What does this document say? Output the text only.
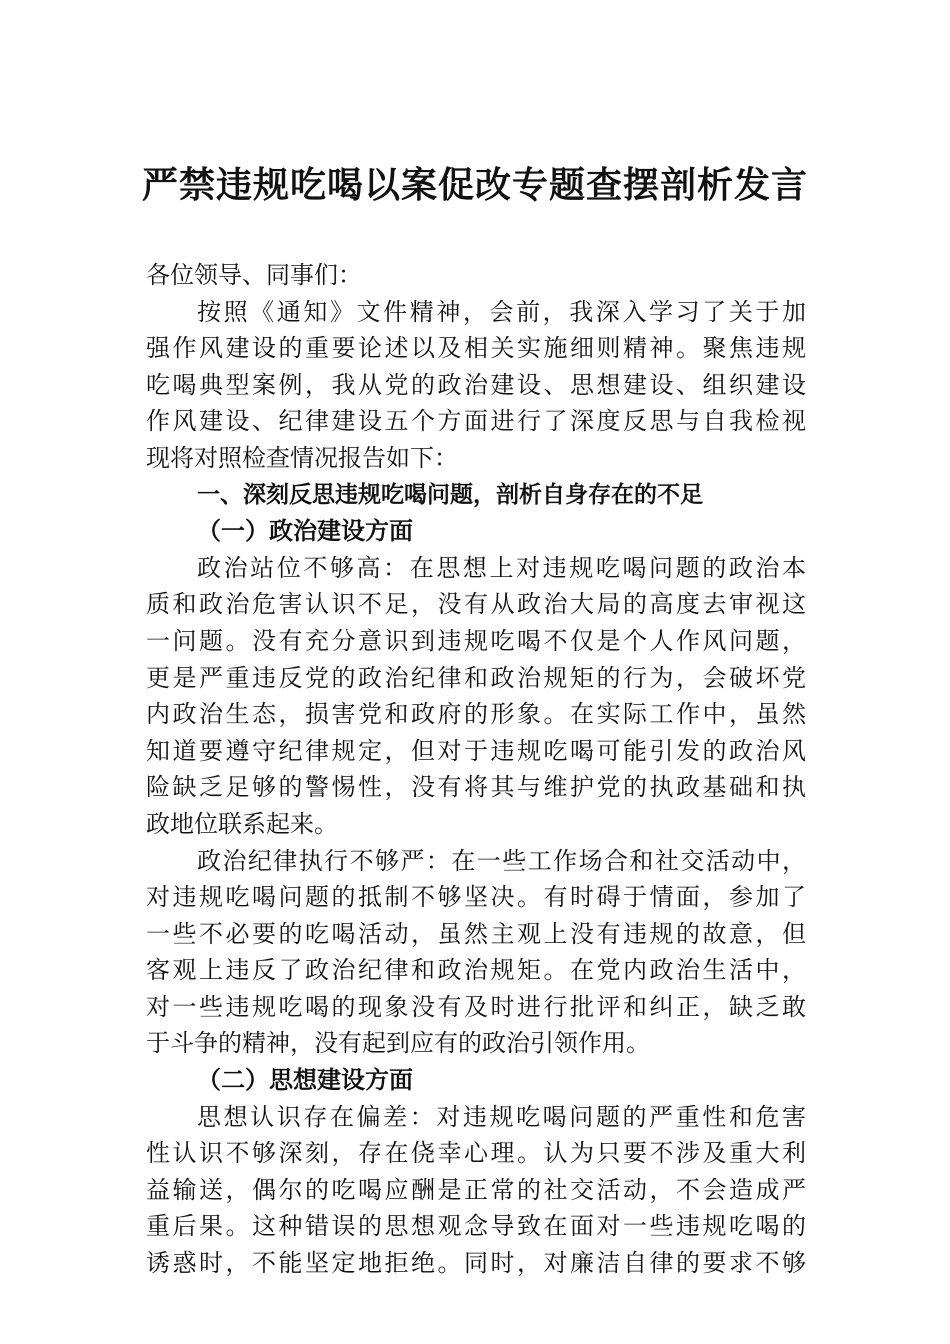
严禁违规吃喝以案促改专题查摆剖析发言
各位领导、同事们：
按照《通知》文件精神，会前，我深入学习了关于加
强作风建设的重要论述以及相关实施细则精神。聚焦违规
吃喝典型案例，我从党的政治建设、思想建设、组织建设
作风建设、纪律建设五个方面进行了深度反思与自我检视
现将对照检查情况报告如下：
一、深刻反思违规吃喝问题，剖析自身存在的不足
（一）政治建设方面
政治站位不够高：在思想上对违规吃喝问题的政治本
质和政治危害认识不足，没有从政治大局的高度去审视这
一问题。没有充分意识到违规吃喝不仅是个人作风问题，
更是严重违反党的政治纪律和政治规矩的行为，会破坏党
内政治生态，损害党和政府的形象。在实际工作中，虽然
知道要遵守纪律规定，但对于违规吃喝可能引发的政治风
险缺乏足够的警惕性，没有将其与维护党的执政基础和执
政地位联系起来。
政治纪律执行不够严：在一些工作场合和社交活动中，
对违规吃喝问题的抵制不够坚决。有时碍于情面，参加了
一些不必要的吃喝活动，虽然主观上没有违规的故意，但
客观上违反了政治纪律和政治规矩。在党内政治生活中，
对一些违规吃喝的现象没有及时进行批评和纠正，缺乏敢
于斗争的精神，没有起到应有的政治引领作用。
（二）思想建设方面
思想认识存在偏差：对违规吃喝问题的严重性和危害
性认识不够深刻，存在侥幸心理。认为只要不涉及重大利
益输送，偶尔的吃喝应酬是正常的社交活动，不会造成严
重后果。这种错误的思想观念导致在面对一些违规吃喝的
诱惑时，不能坚定地拒绝。同时，对廉洁自律的要求不够
